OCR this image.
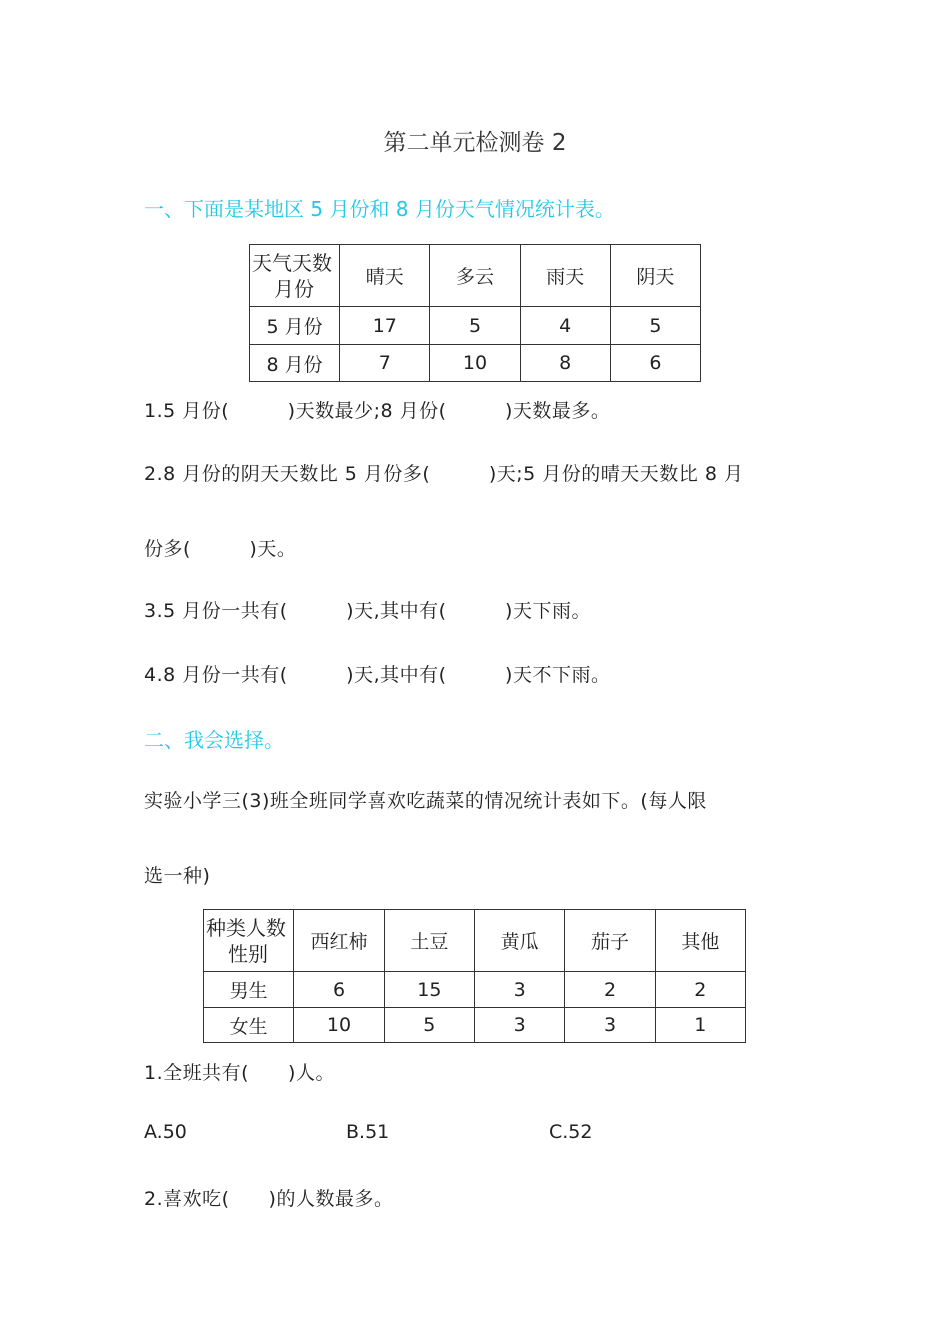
第二单元检测卷 2
一、下面是某地区 5 月份和 8 月份天气情况统计表。
天气天数
月份	晴天	多云	雨天	阴天
5 月份	17	5	4	5
8 月份	7	10	8	6
1.5 月份(　　　)天数最少;8 月份(　　　)天数最多。
2.8 月份的阴天天数比 5 月份多(　　　)天;5 月份的晴天天数比 8 月
份多(　　　)天。
3.5 月份一共有(　　　)天,其中有(　　　)天下雨。
4.8 月份一共有(　　　)天,其中有(　　　)天不下雨。
二、我会选择。
实验小学三(3)班全班同学喜欢吃蔬菜的情况统计表如下。(每人限
选一种)
种类人数
性别	西红柿	土豆	黄瓜	茄子	其他
男生	6	15	3	2	2
女生	10	5	3	3	1
1.全班共有(　　)人。
A.50	B.51	C.52
2.喜欢吃(　　)的人数最多。
